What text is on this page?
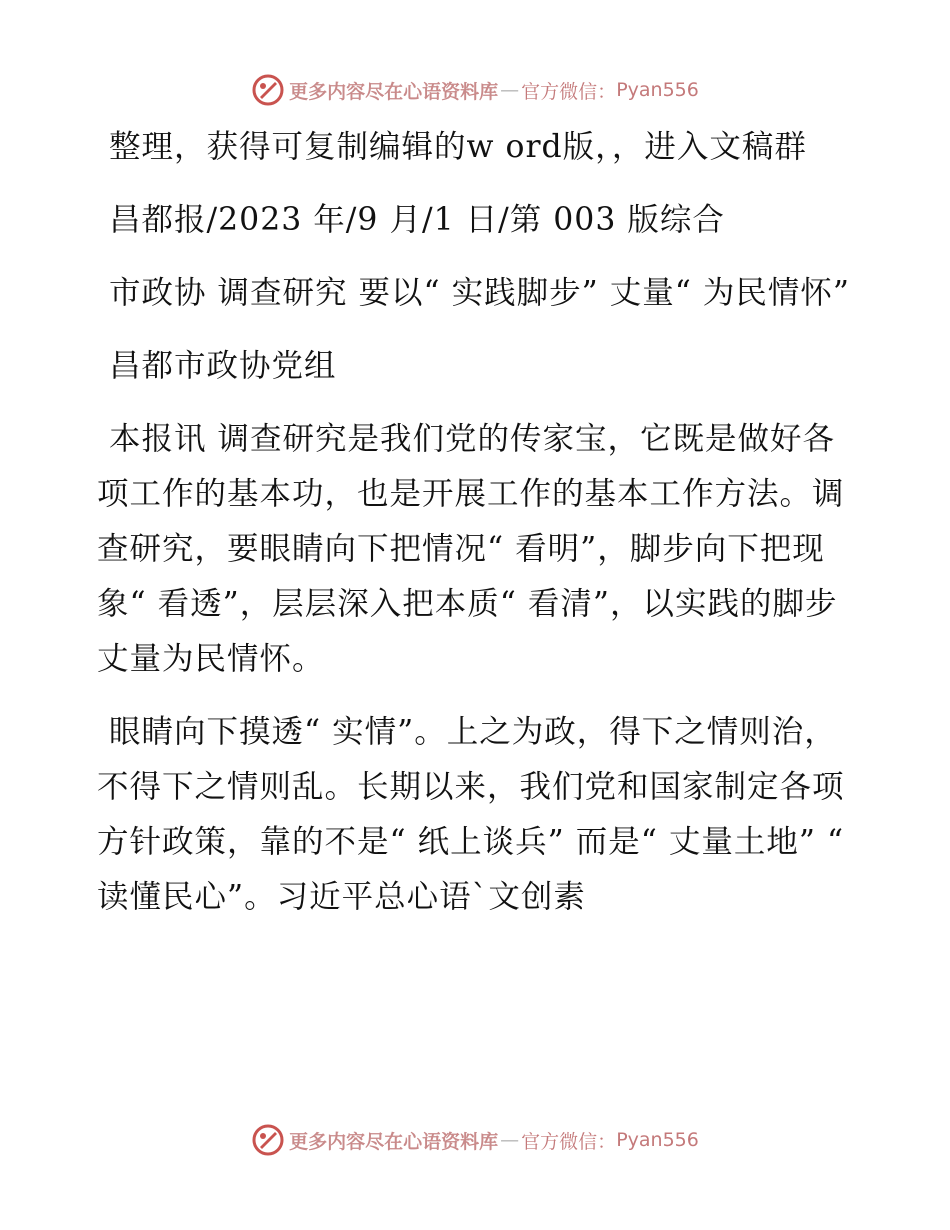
更多内容尽在心语资料库 — 官方微信： Pyan556

整理，获得可复制编辑的w ord版，，进入文稿群

昌都报/2023 年/9 月/1 日/第 003 版综合

市政协 调查研究 要以“ 实践脚步” 丈量“ 为民情怀”

昌都市政协党组

本报讯 调查研究是我们党的传家宝，它既是做好各项工作的基本功，也是开展工作的基本工作方法。调查研究，要眼睛向下把情况“ 看明”，脚步向下把现象“ 看透”，层层深入把本质“ 看清”，以实践的脚步丈量为民情怀。

眼睛向下摸透“ 实情”。上之为政，得下之情则治，不得下之情则乱。长期以来，我们党和国家制定各项方针政策，靠的不是“ 纸上谈兵” 而是“ 丈量土地” “ 读懂民心”。习近平总心语`文创素

更多内容尽在心语资料库 — 官方微信： Pyan556
